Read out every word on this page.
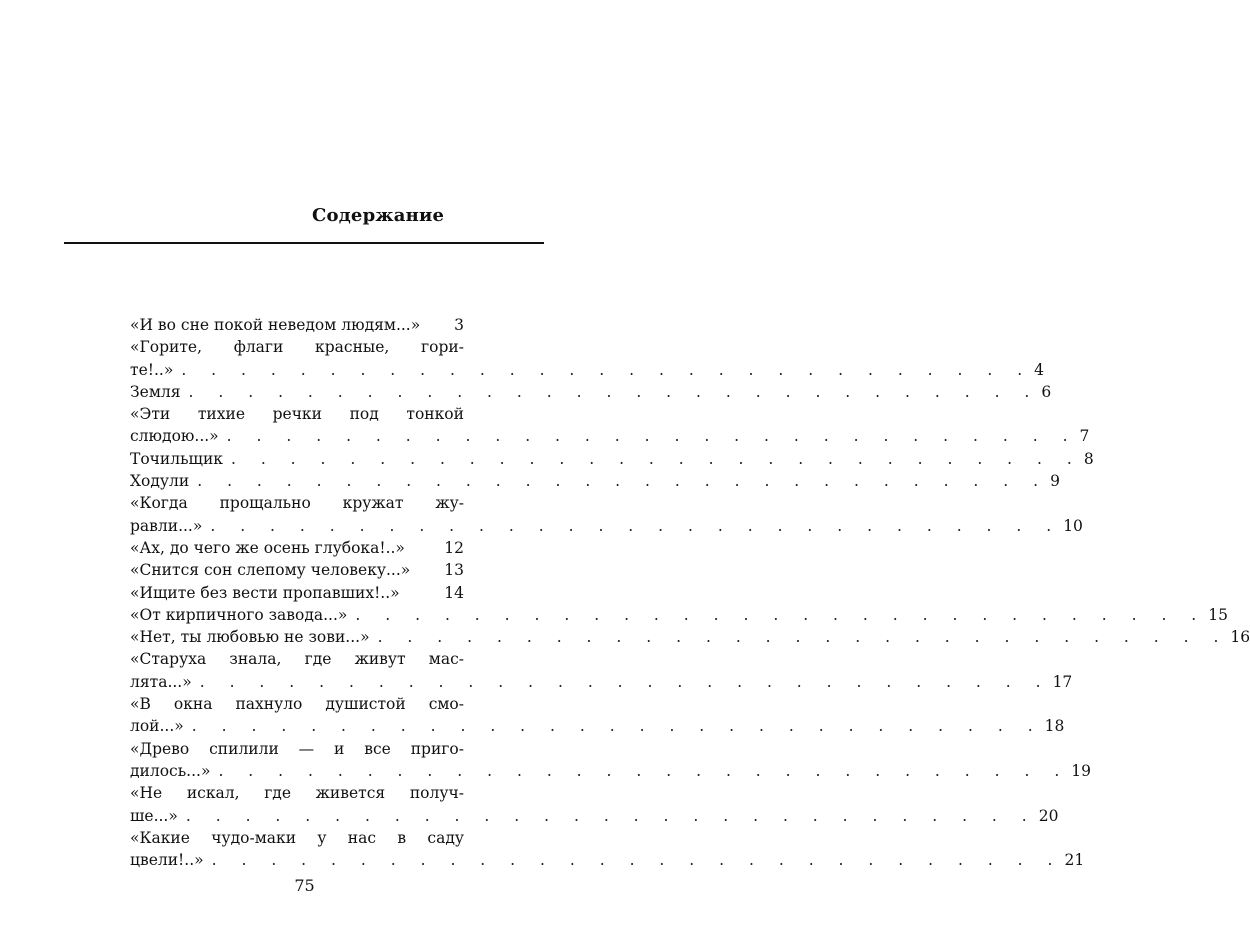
Содержание
«И во сне покой неведом людям...» 3
«Горите, флаги красные, гори-
те!..» . . . . . . . . . . . . . . . . . . . . . . . . . . . . . 4
Земля . . . . . . . . . . . . . . . . . . . . . . . . . . . . . 6
«Эти тихие речки под тонкой
слюдою...» . . . . . . . . . . . . . . . . . . . . . . . . . . . . . 7
Точильщик . . . . . . . . . . . . . . . . . . . . . . . . . . . . . 8
Ходули . . . . . . . . . . . . . . . . . . . . . . . . . . . . . 9
«Когда прощально кружат жу-
равли...» . . . . . . . . . . . . . . . . . . . . . . . . . . . . . 10
«Ах, до чего же осень глубока!..»	12
«Снится сон слепому человеку...» 13
«Ищите без вести пропавших!..»	14
«От кирпичного завода...» . . . . . . . . . . . . . . . . . . . . . . . . . . . . . 15
«Нет, ты любовью не зови...» . . . . . . . . . . . . . . . . . . . . . . . . . . . . . 16
«Старуха знала, где живут мас-
лята...» . . . . . . . . . . . . . . . . . . . . . . . . . . . . . 17
«В окна пахнуло душистой смо-
лой...» . . . . . . . . . . . . . . . . . . . . . . . . . . . . . 18
«Древо спилили — и все приго-
дилось...» . . . . . . . . . . . . . . . . . . . . . . . . . . . . . 19
«Не искал, где живется получ-
ше...» . . . . . . . . . . . . . . . . . . . . . . . . . . . . . 20
«Какие чудо-маки у нас в саду
цвели!..» . . . . . . . . . . . . . . . . . . . . . . . . . . . . . 21
75
